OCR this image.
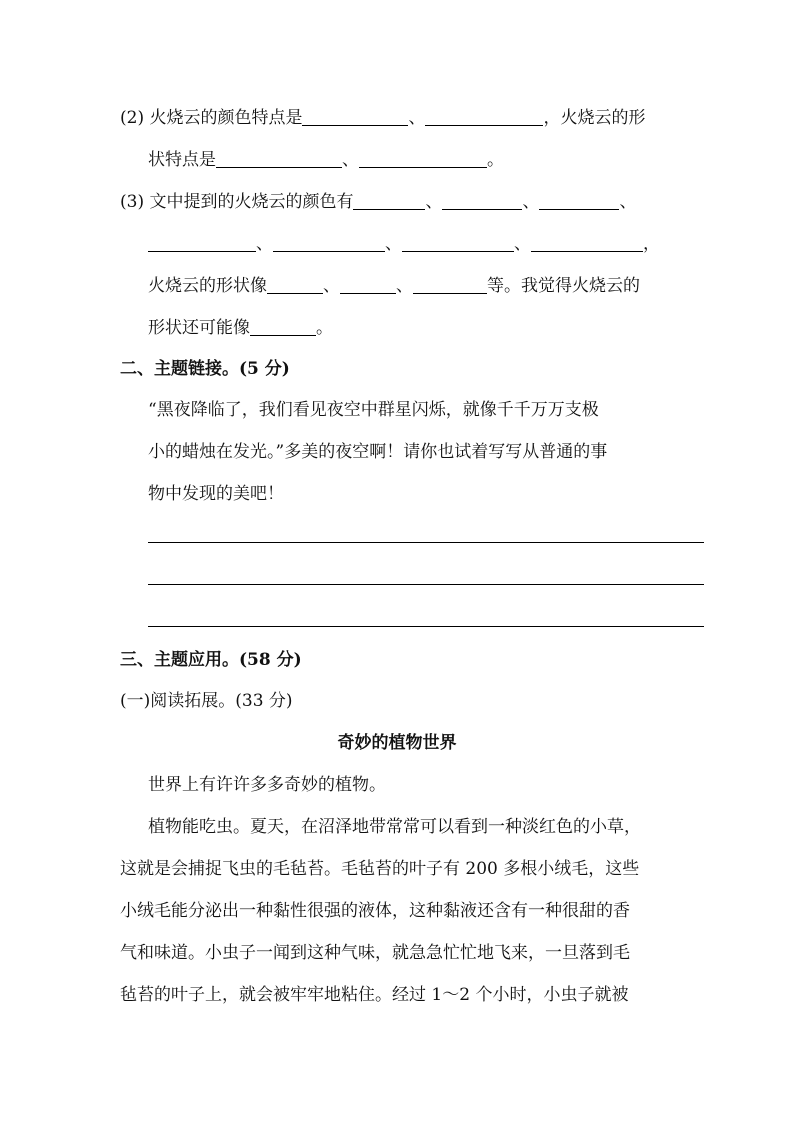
(2) 火烧云的颜色特点是	、	，火烧云的形
状特点是	、	。
(3) 文中提到的火烧云的颜色有	、	、	、
、	、	、	，
火烧云的形状像	、	、	等。我觉得火烧云的
形状还可能像	。
二、主题链接。(5 分)
“黑夜降临了，我们看见夜空中群星闪烁，就像千千万万支极
小的蜡烛在发光。”多美的夜空啊！请你也试着写写从普通的事
物中发现的美吧！
三、主题应用。(58 分)
(一)阅读拓展。(33 分)
奇妙的植物世界
世界上有许许多多奇妙的植物。
植物能吃虫。夏天，在沼泽地带常常可以看到一种淡红色的小草，
这就是会捕捉飞虫的毛毡苔。毛毡苔的叶子有 200 多根小绒毛，这些
小绒毛能分泌出一种黏性很强的液体，这种黏液还含有一种很甜的香
气和味道。小虫子一闻到这种气味，就急急忙忙地飞来，一旦落到毛
毡苔的叶子上，就会被牢牢地粘住。经过 1～2 个小时，小虫子就被
